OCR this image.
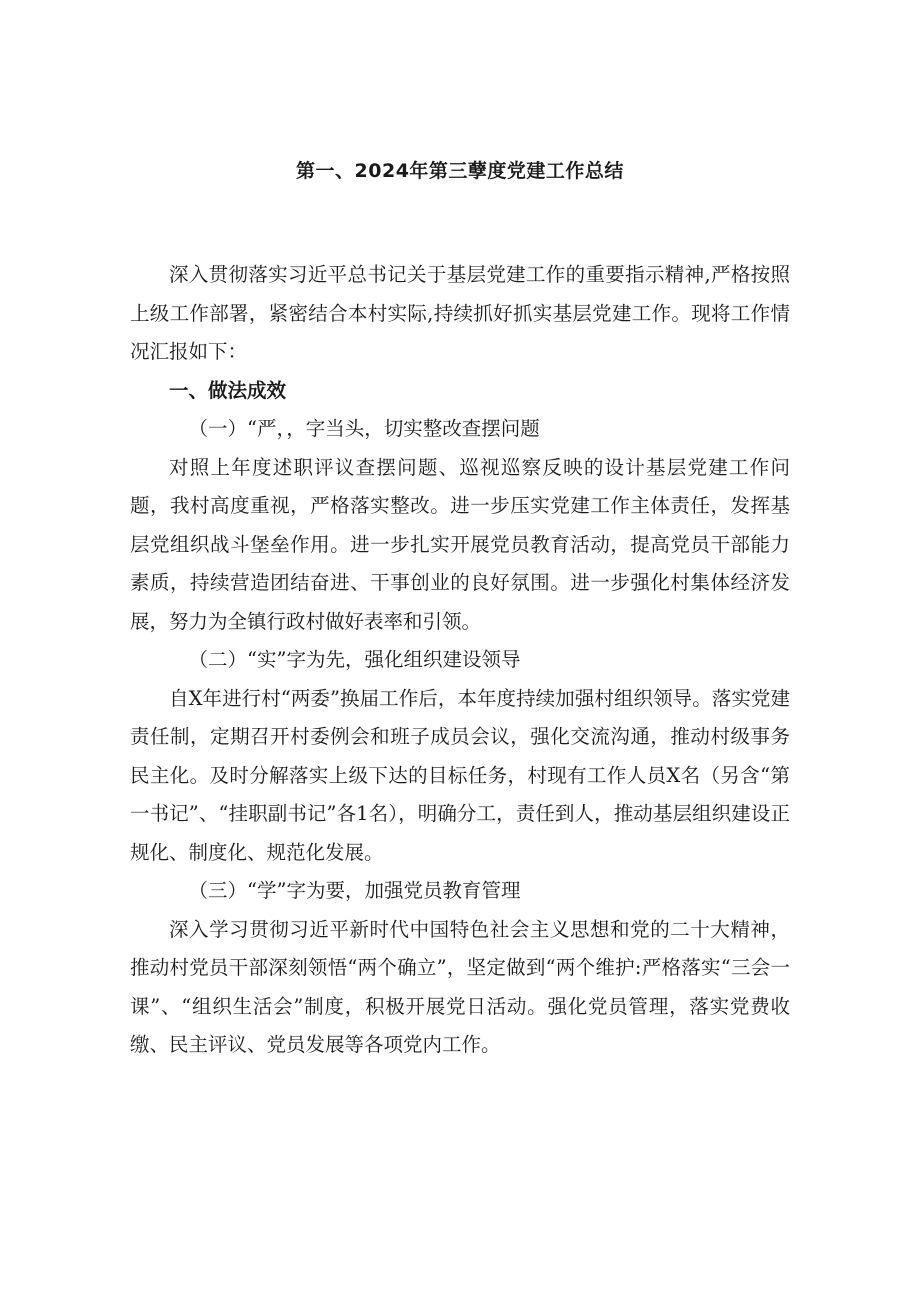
第一、2024年第三孽度党建工作总结

深入贯彻落实习近平总书记关于基层党建工作的重要指示精神,严格按照上级工作部署，紧密结合本村实际,持续抓好抓实基层党建工作。现将工作情况汇报如下：

一、做法成效

（一）“严，，字当头，切实整改查摆问题

对照上年度述职评议查摆问题、巡视巡察反映的设计基层党建工作问题，我村高度重视，严格落实整改。进一步压实党建工作主体责任，发挥基层党组织战斗堡垒作用。进一步扎实开展党员教育活动，提高党员干部能力素质，持续营造团结奋进、干事创业的良好氛围。进一步强化村集体经济发展，努力为全镇行政村做好表率和引领。

（二）“实”字为先，强化组织建设领导

自X年进行村“两委”换届工作后，本年度持续加强村组织领导。落实党建责任制，定期召开村委例会和班子成员会议，强化交流沟通，推动村级事务民主化。及时分解落实上级下达的目标任务，村现有工作人员X名（另含“第一书记”、“挂职副书记”各1名），明确分工，责任到人，推动基层组织建设正规化、制度化、规范化发展。

（三）“学”字为要，加强党员教育管理

深入学习贯彻习近平新时代中国特色社会主义思想和党的二十大精神，推动村党员干部深刻领悟“两个确立”，坚定做到“两个维护:严格落实“三会一课”、“组织生活会”制度，积极开展党日活动。强化党员管理，落实党费收缴、民主评议、党员发展等各项党内工作。
